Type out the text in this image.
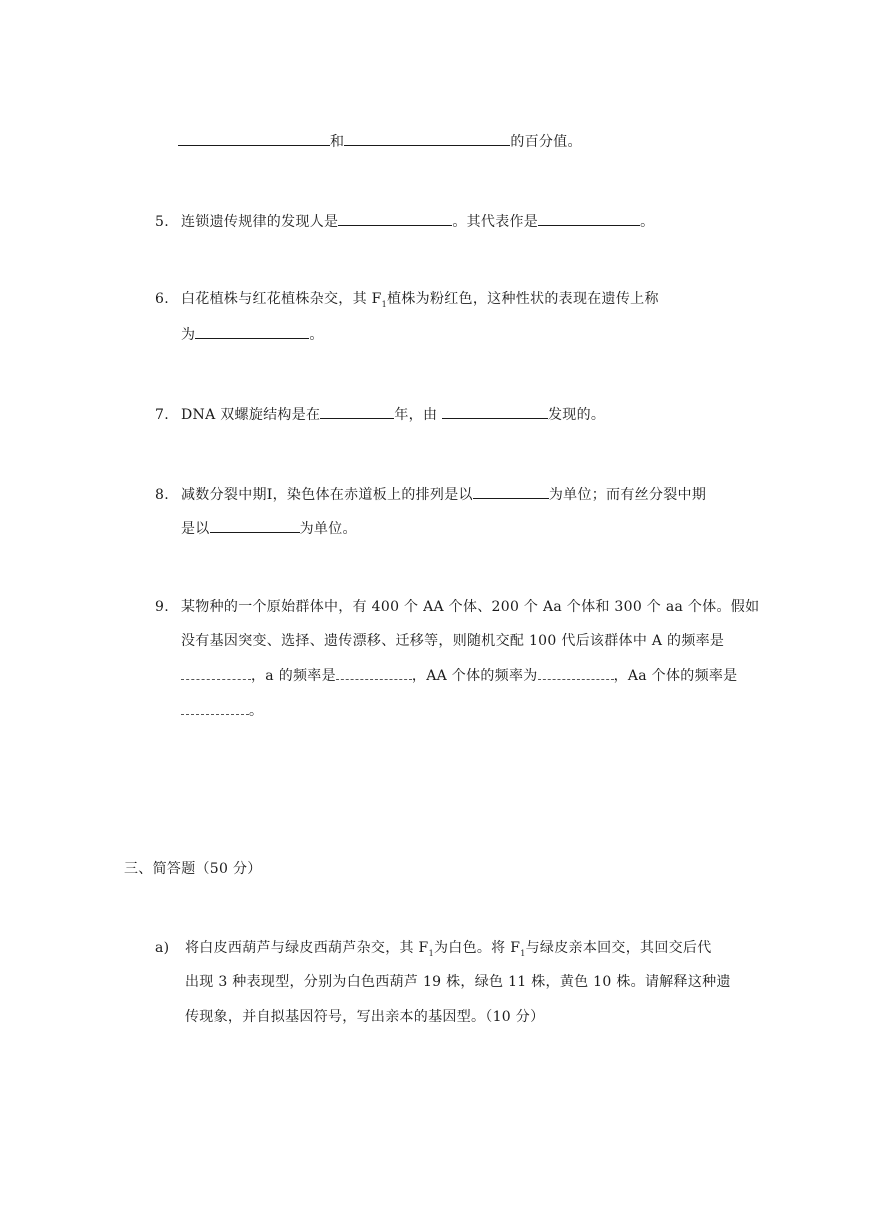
和	的百分值。
5. 连锁遗传规律的发现人是	。其代表作是	。
6. 白花植株与红花植株杂交，其 $F_1$植株为粉红色，这种性状的表现在遗传上称
为	。
7. DNA 双螺旋结构是在	年，由	发现的。
8. 减数分裂中期Ⅰ，染色体在赤道板上的排列是以	为单位；而有丝分裂中期
是以	为单位。
9. 某物种的一个原始群体中，有 400 个 AA 个体、200 个 Aa 个体和 300 个 aa 个体。假如
没有基因突变、选择、遗传漂移、迁移等，则随机交配 100 代后该群体中 A 的频率是
，a 的频率是	，AA 个体的频率为	，Aa 个体的频率是
。
三、简答题（50 分）
a) 将白皮西葫芦与绿皮西葫芦杂交，其 $F_1$为白色。将 $F_1$与绿皮亲本回交，其回交后代
出现 3 种表现型，分别为白色西葫芦 19 株，绿色 11 株，黄色 10 株。请解释这种遗
传现象，并自拟基因符号，写出亲本的基因型。（10 分）
